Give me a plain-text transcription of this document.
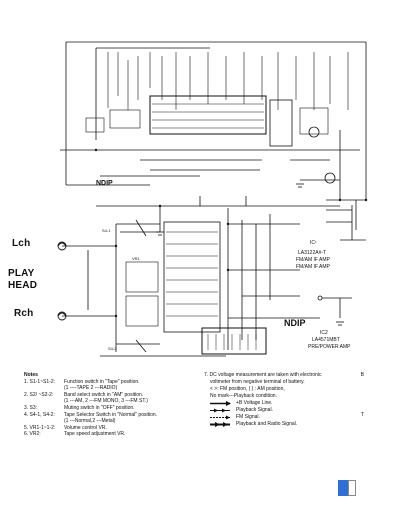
Lch
PLAY
HEAD
Rch
NDIP
NDIP
IC¹
LA3122A#-T
FM/AM IF AMP
FM/AM IF AMP
IC2
LA4571MBT
PRE/POWER AMP
S4-1
S4-2
VR1
Notes
1. S1-1~S1-2: Function switch in "Tape" position.
(1 ----TAPE 2 ---RADIO)
2. S2/ ~S2-2: Band select switch in "AM" position.
(1 ---AM, 2 ---FM MONO, 3 ---FM ST.)
3. S3:	Muting switch in "OFF" position.
4. S4-1, S4-2: Tape Selector Switch in "Normal" position.
(1 ---Normal,2 ---Metal)
5. VR1-1~1-2: Volume control VR.
6. VR2:	Tape speed adjustment VR.
7. DC voltage measurement are taken with electronic
voltmeter from negative terminal of battery.
< >: FM position, ( ) : AM position,
No mark---Playback condition.
+B Voltage Line.
Playback Signal.
FM Signal.
Playback and Radio Signal.
B
T
